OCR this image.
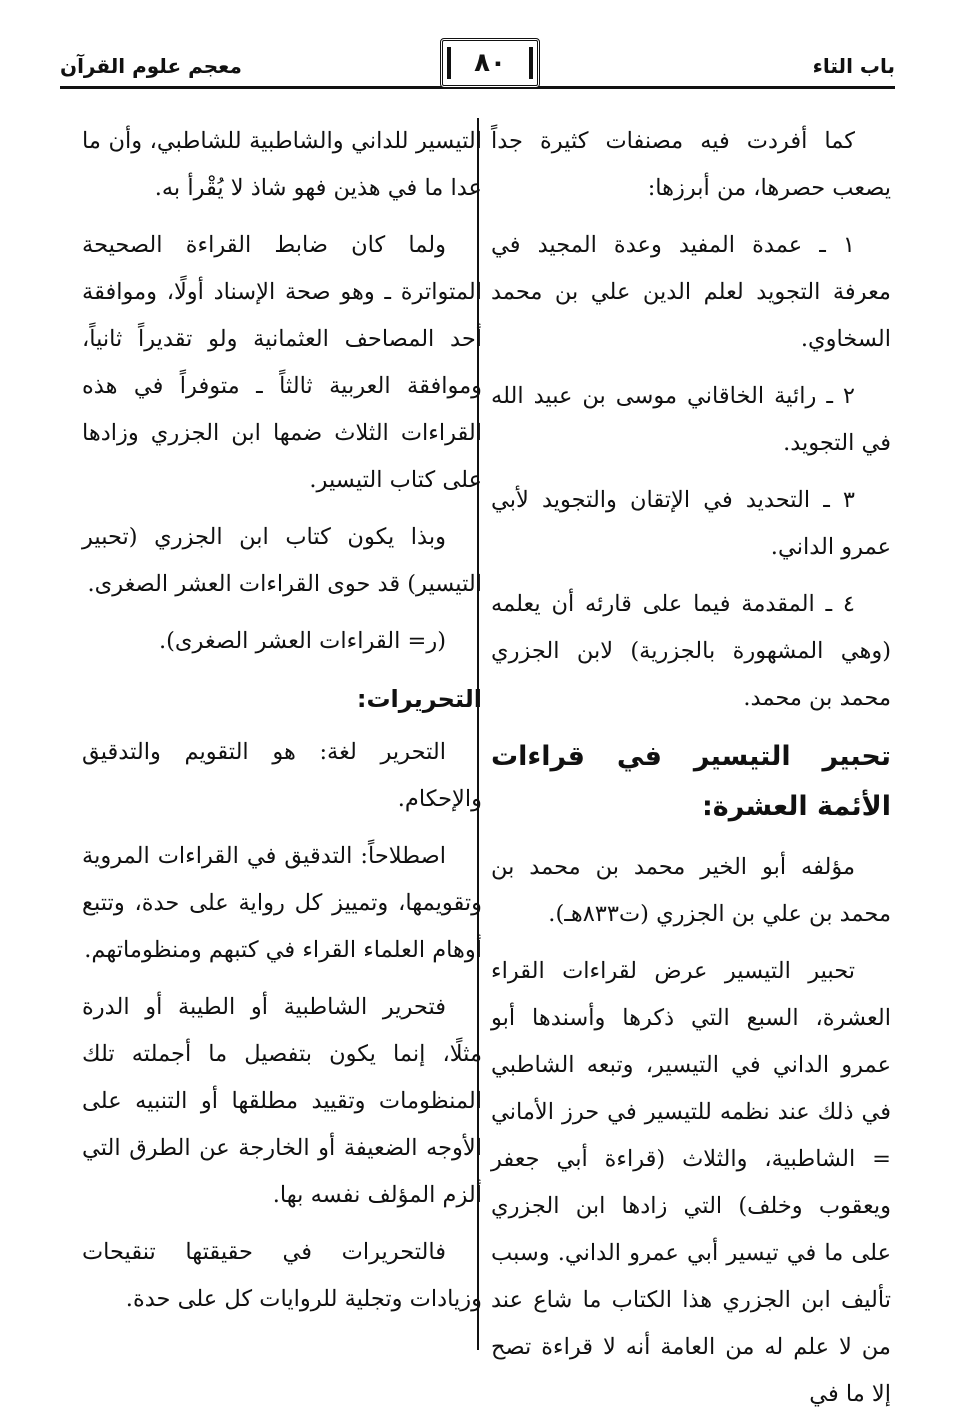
باب التاء
٨٠
معجم علوم القرآن

كما أفردت فيه مصنفات كثيرة جداً يصعب حصرها، من أبرزها:

١ ـ عمدة المفيد وعدة المجيد في معرفة التجويد لعلم الدين علي بن محمد السخاوي.

٢ ـ رائية الخاقاني موسى بن عبيد الله في التجويد.

٣ ـ التحديد في الإتقان والتجويد لأبي عمرو الداني.

٤ ـ المقدمة فيما على قارئه أن يعلمه (وهي المشهورة بالجزرية) لابن الجزري محمد بن محمد.

تحبير التيسير في قراءات الأئمة العشرة:

مؤلفه أبو الخير محمد بن محمد بن محمد بن علي بن الجزري (ت٨٣٣هـ).

تحبير التيسير عرض لقراءات القراء العشرة، السبع التي ذكرها وأسندها أبو عمرو الداني في التيسير، وتبعه الشاطبي في ذلك عند نظمه للتيسير في حرز الأماني = الشاطبية، والثلاث (قراءة أبي جعفر ويعقوب وخلف) التي زادها ابن الجزري على ما في تيسير أبي عمرو الداني. وسبب تأليف ابن الجزري هذا الكتاب ما شاع عند من لا علم له من العامة أنه لا قراءة تصح إلا ما في

التيسير للداني والشاطبية للشاطبي، وأن ما عدا ما في هذين فهو شاذ لا يُقْرأ به.

ولما كان ضابط القراءة الصحيحة المتواترة ـ وهو صحة الإسناد أولًا، وموافقة أحد المصاحف العثمانية ولو تقديراً ثانياً، وموافقة العربية ثالثاً ـ متوفراً في هذه القراءات الثلاث ضمها ابن الجزري وزادها على كتاب التيسير.

وبذا يكون كتاب ابن الجزري (تحبير التيسير) قد حوى القراءات العشر الصغرى.

(ر= القراءات العشر الصغرى).

التحريرات:

التحرير لغة: هو التقويم والتدقيق والإحكام.

اصطلاحاً: التدقيق في القراءات المروية وتقويمها، وتمييز كل رواية على حدة، وتتبع أوهام العلماء القراء في كتبهم ومنظوماتهم.

فتحرير الشاطبية أو الطيبة أو الدرة مثلًا، إنما يكون بتفصيل ما أجملته تلك المنظومات وتقييد مطلقها أو التنبيه على الأوجه الضعيفة أو الخارجة عن الطرق التي ألزم المؤلف نفسه بها.

فالتحريرات في حقيقتها تنقيحات وزيادات وتجلية للروايات كل على حدة.
